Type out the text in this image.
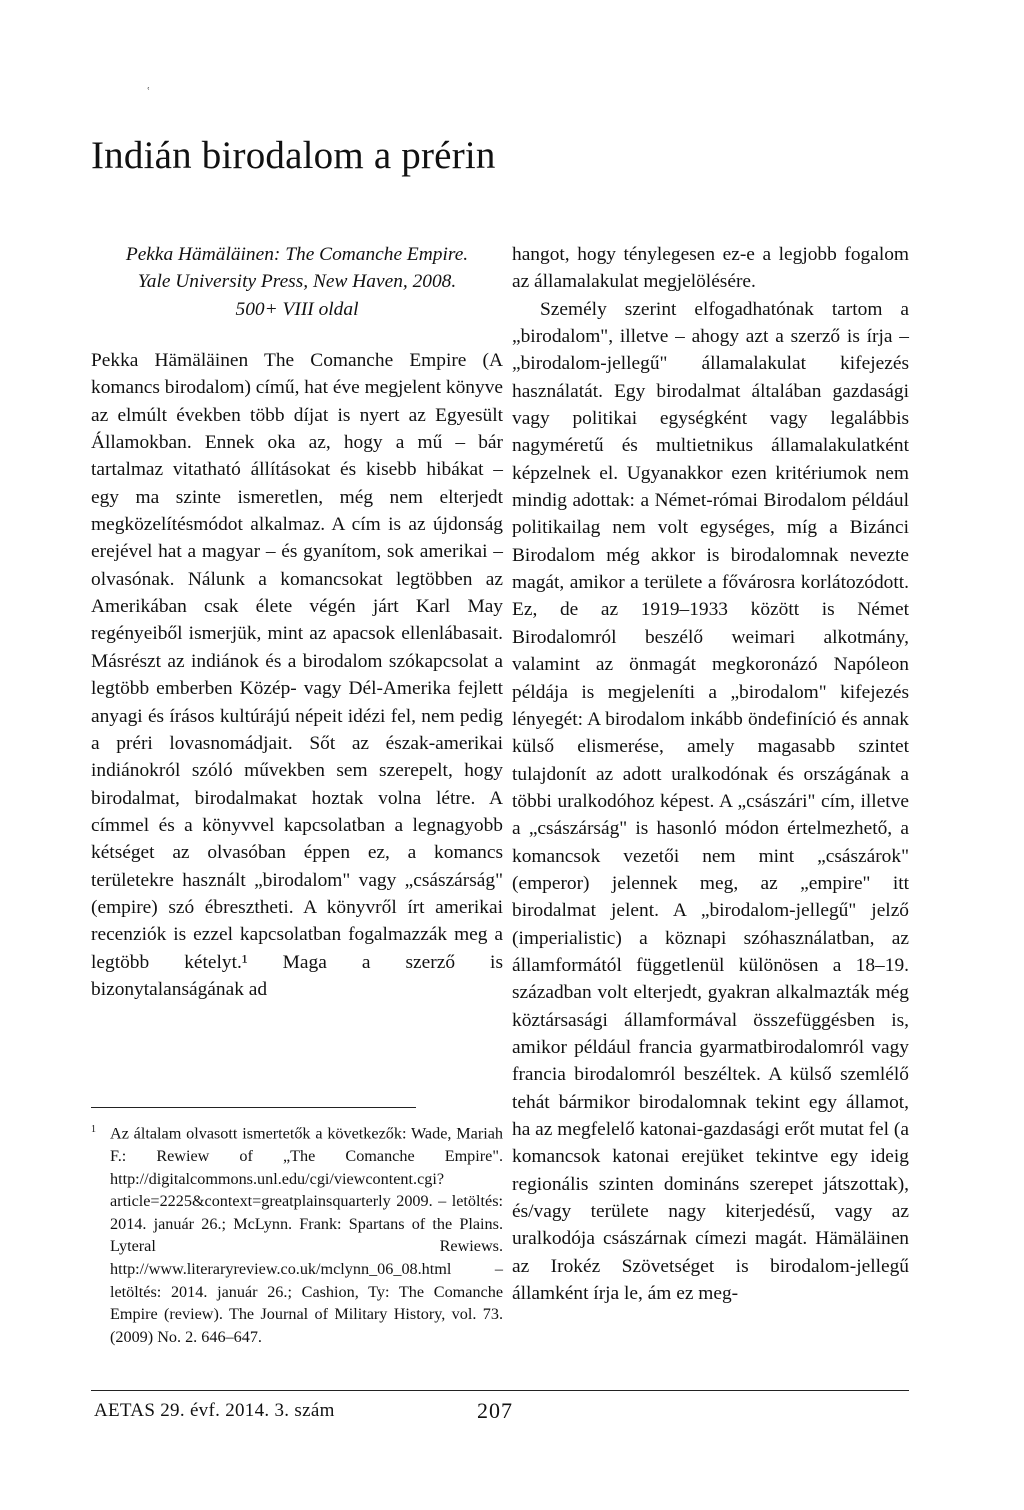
ʿ
Indián birodalom a prérin

Pekka Hämäläinen: The Comanche Empire. Yale University Press, New Haven, 2008. 500+ VIII oldal

Pekka Hämäläinen The Comanche Empire (A komancs birodalom) című, hat éve megjelent könyve az elmúlt években több díjat is nyert az Egyesült Államokban. Ennek oka az, hogy a mű – bár tartalmaz vitatható állításokat és kisebb hibákat – egy ma szinte ismeretlen, még nem elterjedt megközelítésmódot alkalmaz. A cím is az újdonság erejével hat a magyar – és gyanítom, sok amerikai – olvasónak. Nálunk a komancsokat legtöbben az Amerikában csak élete végén járt Karl May regényeiből ismerjük, mint az apacsok ellenlábasait. Másrészt az indiánok és a birodalom szókapcsolat a legtöbb emberben Közép- vagy Dél-Amerika fejlett anyagi és írásos kultúrájú népeit idézi fel, nem pedig a préri lovasnomádjait. Sőt az észak-amerikai indiánokról szóló művekben sem szerepelt, hogy birodalmat, birodalmakat hoztak volna létre. A címmel és a könyvvel kapcsolatban a legnagyobb kétséget az olvasóban éppen ez, a komancs területekre használt „birodalom" vagy „császárság" (empire) szó ébresztheti. A könyvről írt amerikai recenziók is ezzel kapcsolatban fogalmazzák meg a legtöbb kételyt.¹ Maga a szerző is bizonytalanságának ad

$^1$ Az általam olvasott ismertetők a következők: Wade, Mariah F.: Rewiew of „The Comanche Empire". http://digitalcommons.unl.edu/cgi/viewcontent.cgi?article=2225&context=greatplainsquarterly 2009. – letöltés: 2014. január 26.; McLynn. Frank: Spartans of the Plains. Lyteral Rewiews. http://www.literaryreview.co.uk/mclynn_06_08.html – letöltés: 2014. január 26.; Cashion, Ty: The Comanche Empire (review). The Journal of Military History, vol. 73. (2009) No. 2. 646–647.

hangot, hogy ténylegesen ez-e a legjobb fogalom az államalakulat megjelölésére.

Személy szerint elfogadhatónak tartom a „birodalom", illetve – ahogy azt a szerző is írja – „birodalom-jellegű" államalakulat kifejezés használatát. Egy birodalmat általában gazdasági vagy politikai egységként vagy legalábbis nagyméretű és multietnikus államalakulatként képzelnek el. Ugyanakkor ezen kritériumok nem mindig adottak: a Német-római Birodalom például politikailag nem volt egységes, míg a Bizánci Birodalom még akkor is birodalomnak nevezte magát, amikor a területe a fővárosra korlátozódott. Ez, de az 1919–1933 között is Német Birodalomról beszélő weimari alkotmány, valamint az önmagát megkoronázó Napóleon példája is megjeleníti a „birodalom" kifejezés lényegét: A birodalom inkább öndefiníció és annak külső elismerése, amely magasabb szintet tulajdonít az adott uralkodónak és országának a többi uralkodóhoz képest. A „császári" cím, illetve a „császárság" is hasonló módon értelmezhető, a komancsok vezetői nem mint „császárok" (emperor) jelennek meg, az „empire" itt birodalmat jelent. A „birodalom-jellegű" jelző (imperialistic) a köznapi szóhasználatban, az államformától függetlenül különösen a 18–19. században volt elterjedt, gyakran alkalmazták még köztársasági államformával összefüggésben is, amikor például francia gyarmatbirodalomról vagy francia birodalomról beszéltek. A külső szemlélő tehát bármikor birodalomnak tekint egy államot, ha az megfelelő katonai-gazdasági erőt mutat fel (a komancsok katonai erejüket tekintve egy ideig regionális szinten domináns szerepet játszottak), és/vagy területe nagy kiterjedésű, vagy az uralkodója császárnak címezi magát. Hämäläinen az Irokéz Szövetséget is birodalom-jellegű államként írja le, ám ez meg-

AETAS 29. évf. 2014. 3. szám	207
